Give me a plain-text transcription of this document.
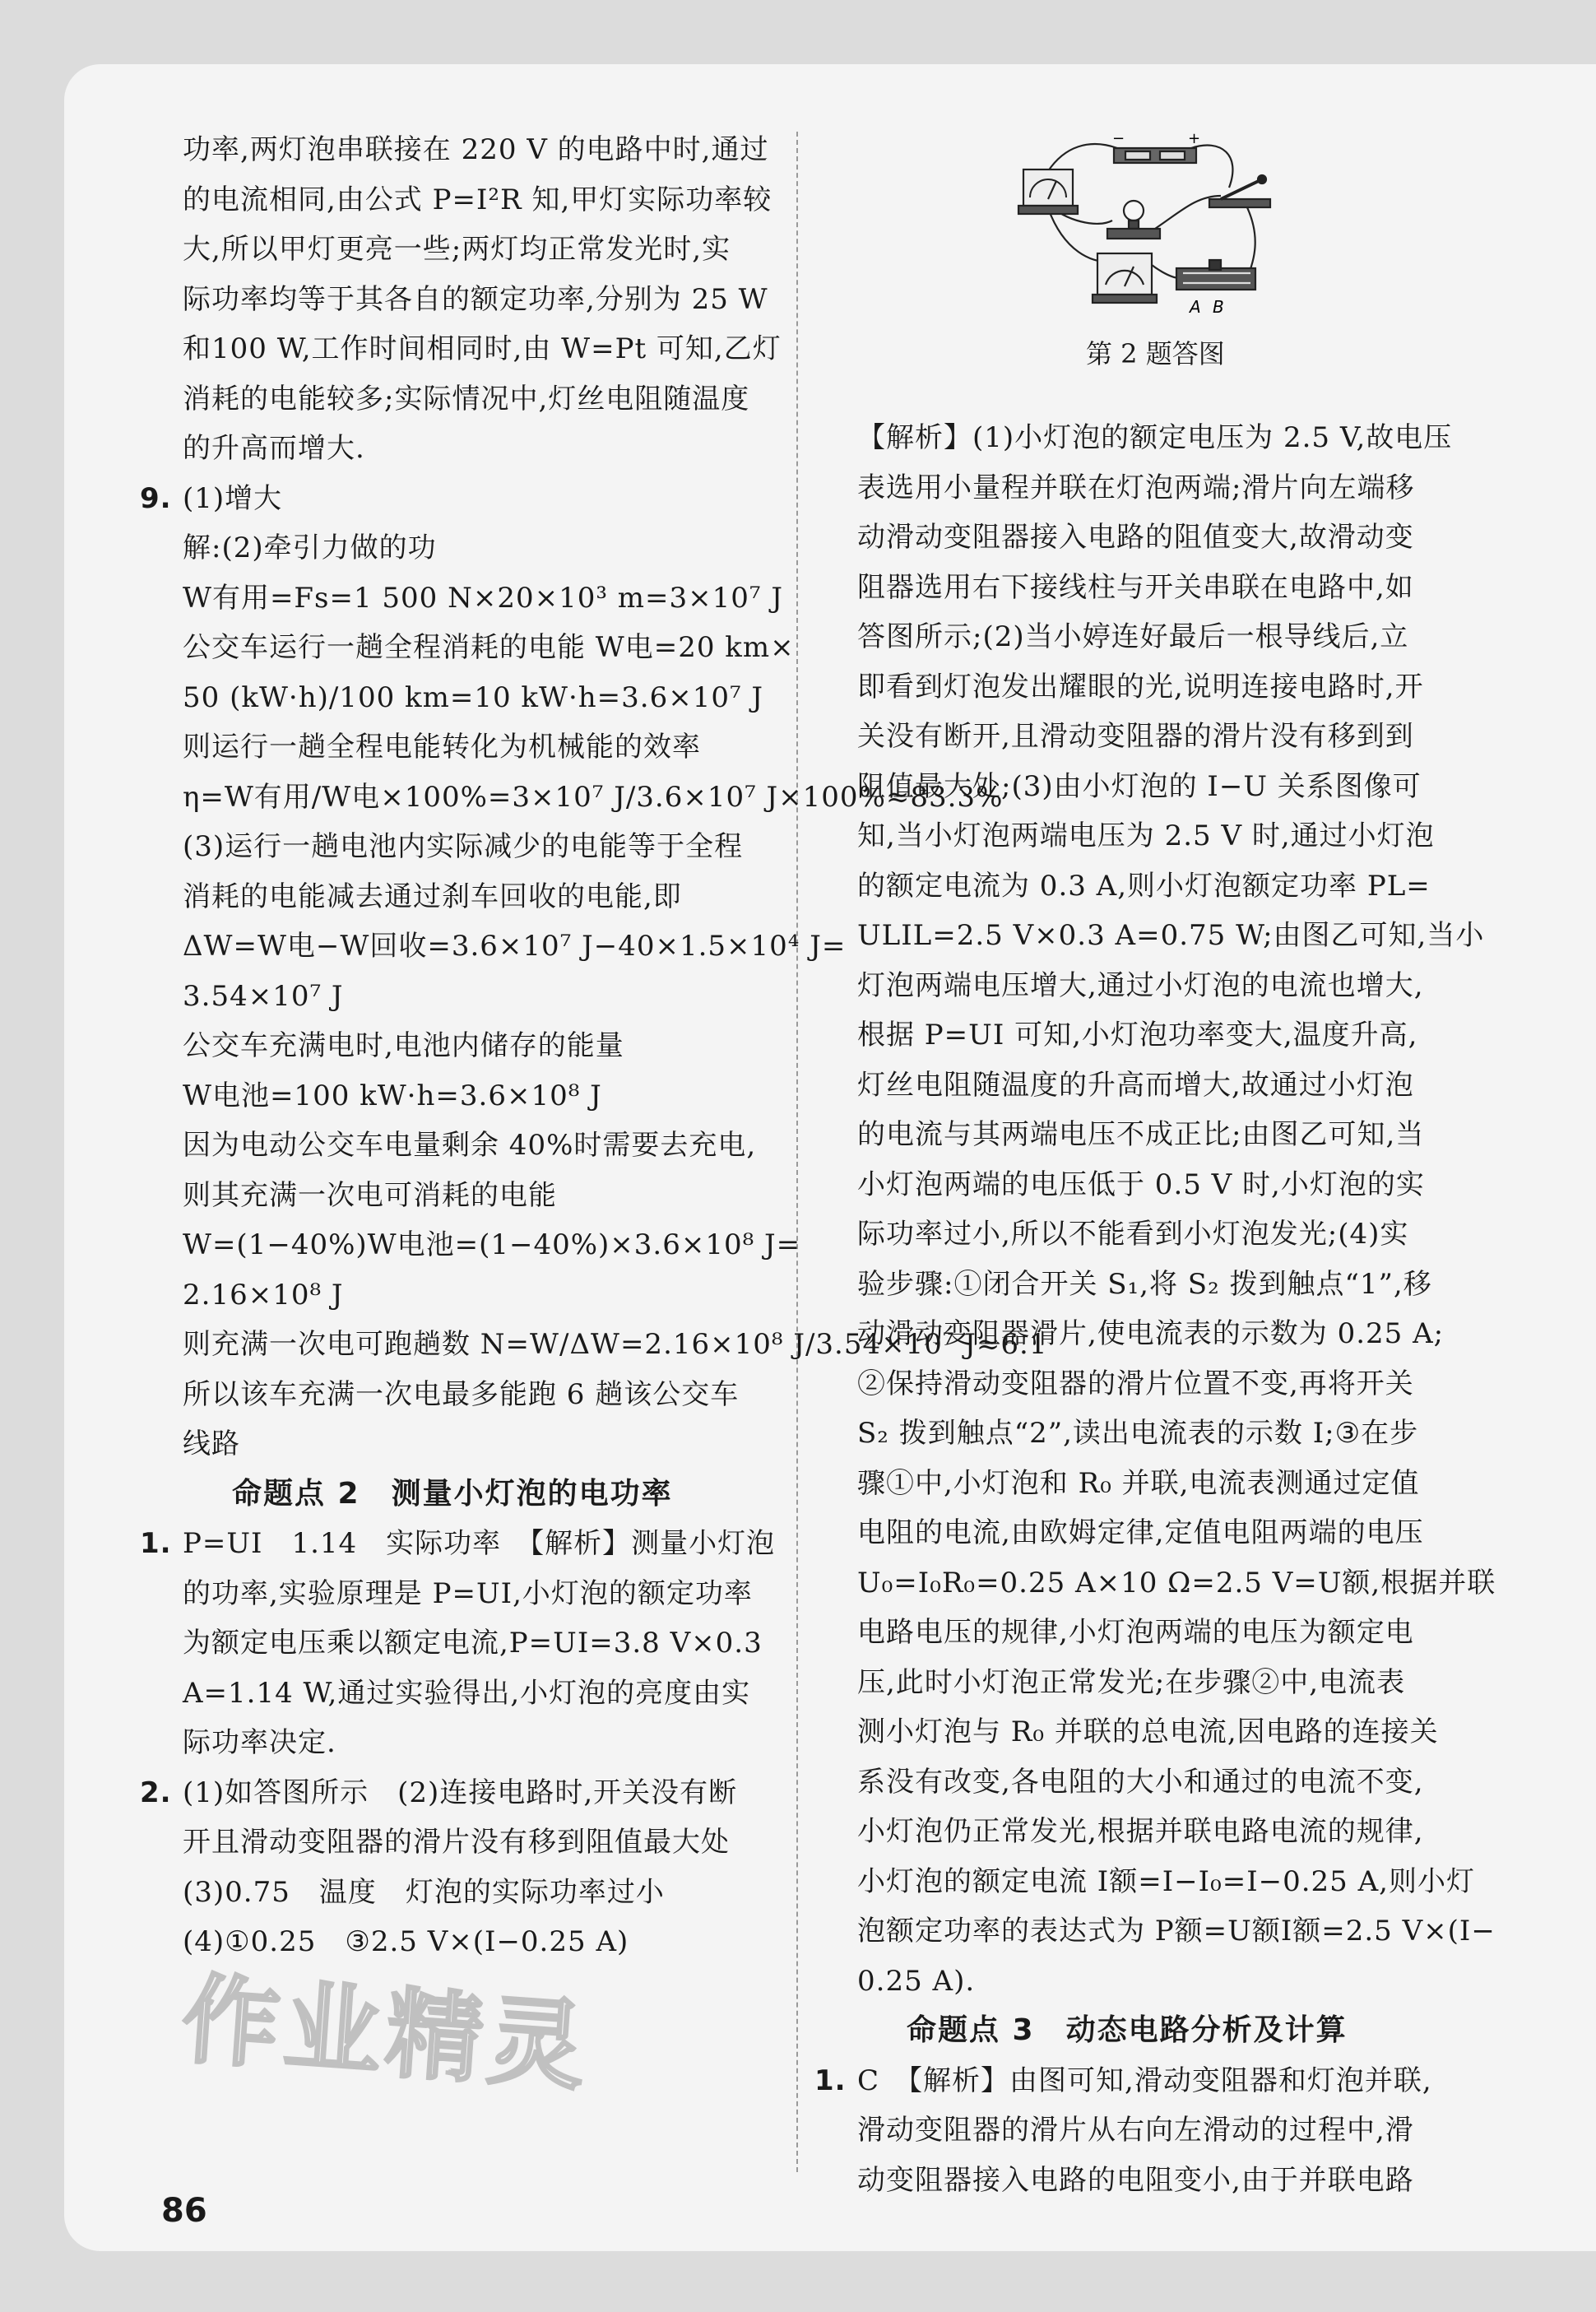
功率,两灯泡串联接在 220 V 的电路中时,通过
的电流相同,由公式 P=I²R 知,甲灯实际功率较
大,所以甲灯更亮一些;两灯均正常发光时,实
际功率均等于其各自的额定功率,分别为 25 W
和100 W,工作时间相同时,由 W=Pt 可知,乙灯
消耗的电能较多;实际情况中,灯丝电阻随温度
的升高而增大.
9. (1)增大
解:(2)牵引力做的功
W有用=Fs=1 500 N×20×10³ m=3×10⁷ J
公交车运行一趟全程消耗的电能 W电=20 km×
50 (kW·h)/100 km=10 kW·h=3.6×10⁷ J
则运行一趟全程电能转化为机械能的效率
η=W有用/W电×100%=3×10⁷ J/3.6×10⁷ J×100%≈83.3%
(3)运行一趟电池内实际减少的电能等于全程
消耗的电能减去通过刹车回收的电能,即
ΔW=W电−W回收=3.6×10⁷ J−40×1.5×10⁴ J=
3.54×10⁷ J
公交车充满电时,电池内储存的能量
W电池=100 kW·h=3.6×10⁸ J
因为电动公交车电量剩余 40%时需要去充电,
则其充满一次电可消耗的电能
W=(1−40%)W电池=(1−40%)×3.6×10⁸ J=
2.16×10⁸ J
则充满一次电可跑趟数 N=W/ΔW=2.16×10⁸ J/3.54×10⁷ J≈6.1
所以该车充满一次电最多能跑 6 趟该公交车
线路
命题点 2　测量小灯泡的电功率
1. P=UI　1.14　实际功率　【解析】测量小灯泡
的功率,实验原理是 P=UI,小灯泡的额定功率
为额定电压乘以额定电流,P=UI=3.8 V×0.3
A=1.14 W,通过实验得出,小灯泡的亮度由实
际功率决定.
2. (1)如答图所示　(2)连接电路时,开关没有断
开且滑动变阻器的滑片没有移到阻值最大处
(3)0.75　温度　灯泡的实际功率过小
(4)①0.25　③2.5 V×(I−0.25 A)
【解析】(1)小灯泡的额定电压为 2.5 V,故电压
表选用小量程并联在灯泡两端;滑片向左端移
动滑动变阻器接入电路的阻值变大,故滑动变
阻器选用右下接线柱与开关串联在电路中,如
答图所示;(2)当小婷连好最后一根导线后,立
即看到灯泡发出耀眼的光,说明连接电路时,开
关没有断开,且滑动变阻器的滑片没有移到到
阻值最大处;(3)由小灯泡的 I−U 关系图像可
知,当小灯泡两端电压为 2.5 V 时,通过小灯泡
的额定电流为 0.3 A,则小灯泡额定功率 PL=
ULIL=2.5 V×0.3 A=0.75 W;由图乙可知,当小
灯泡两端电压增大,通过小灯泡的电流也增大,
根据 P=UI 可知,小灯泡功率变大,温度升高,
灯丝电阻随温度的升高而增大,故通过小灯泡
的电流与其两端电压不成正比;由图乙可知,当
小灯泡两端的电压低于 0.5 V 时,小灯泡的实
际功率过小,所以不能看到小灯泡发光;(4)实
验步骤:①闭合开关 S₁,将 S₂ 拨到触点“1”,移
动滑动变阻器滑片,使电流表的示数为 0.25 A;
②保持滑动变阻器的滑片位置不变,再将开关
S₂ 拨到触点“2”,读出电流表的示数 I;③在步
骤①中,小灯泡和 R₀ 并联,电流表测通过定值
电阻的电流,由欧姆定律,定值电阻两端的电压
U₀=I₀R₀=0.25 A×10 Ω=2.5 V=U额,根据并联
电路电压的规律,小灯泡两端的电压为额定电
压,此时小灯泡正常发光;在步骤②中,电流表
测小灯泡与 R₀ 并联的总电流,因电路的连接关
系没有改变,各电阻的大小和通过的电流不变,
小灯泡仍正常发光,根据并联电路电流的规律,
小灯泡的额定电流 I额=I−I₀=I−0.25 A,则小灯
泡额定功率的表达式为 P额=U额I额=2.5 V×(I−
0.25 A).
命题点 3　动态电路分析及计算
1. C　【解析】由图可知,滑动变阻器和灯泡并联,
滑动变阻器的滑片从右向左滑动的过程中,滑
动变阻器接入电路的电阻变小,由于并联电路
−	+
A B
第 2 题答图
作业精灵
86
